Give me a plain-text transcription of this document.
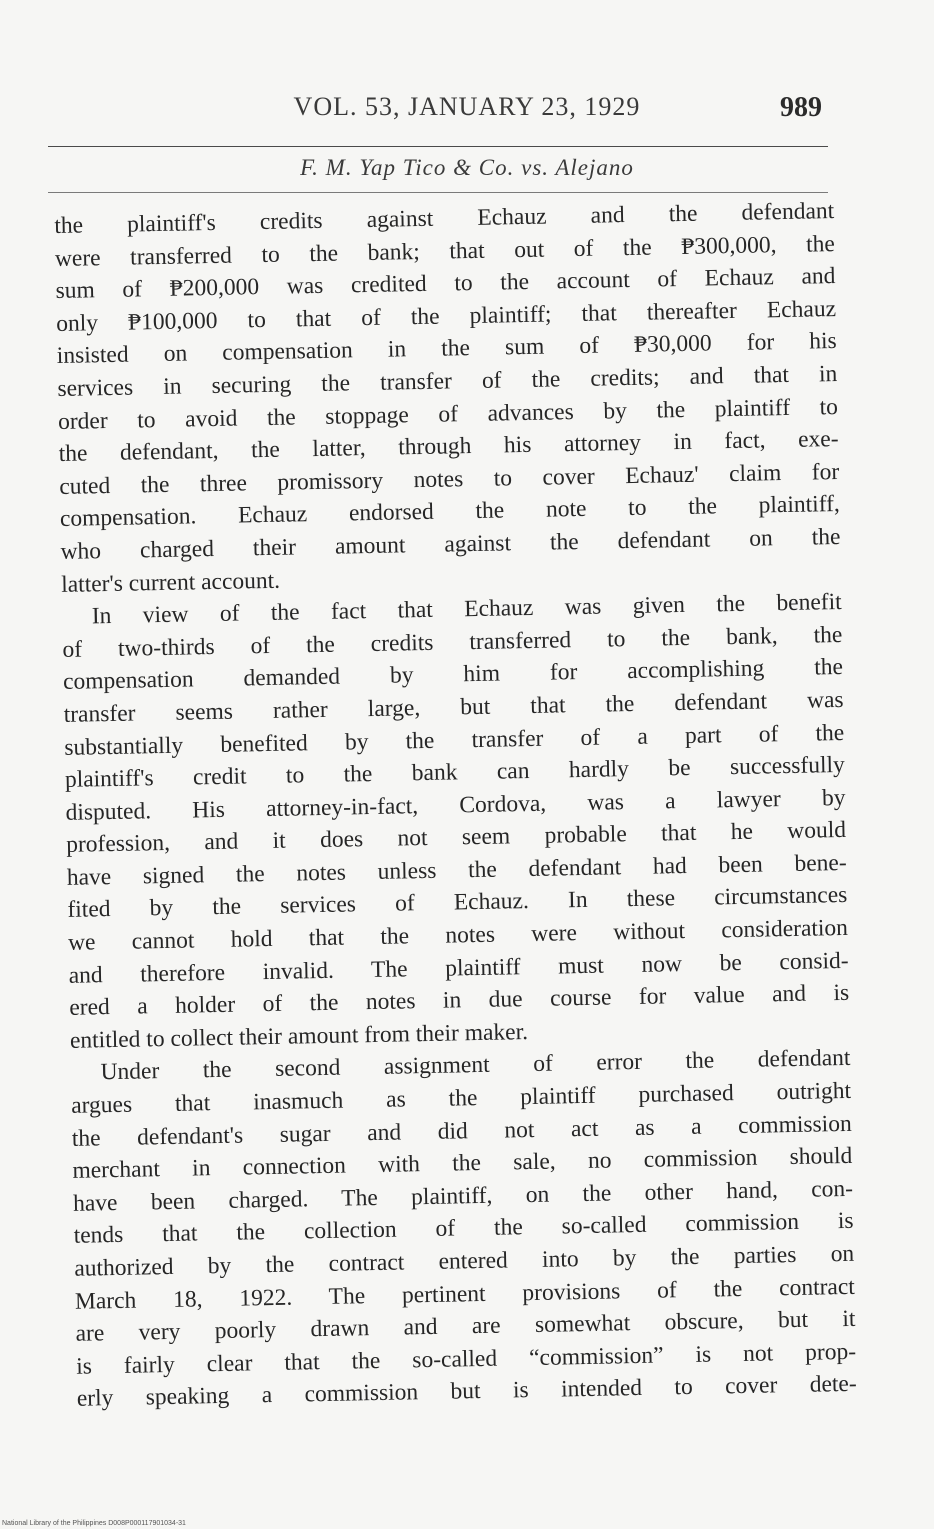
VOL. 53, JANUARY 23, 1929	989
F. M. Yap Tico & Co. vs. Alejano
the plaintiff's credits against Echauz and the defendant
were transferred to the bank; that out of the ₱300,000, the
sum of ₱200,000 was credited to the account of Echauz and
only ₱100,000 to that of the plaintiff; that thereafter Echauz
insisted on compensation in the sum of ₱30,000 for his
services in securing the transfer of the credits; and that in
order to avoid the stoppage of advances by the plaintiff to
the defendant, the latter, through his attorney in fact, exe-
cuted the three promissory notes to cover Echauz' claim for
compensation. Echauz endorsed the note to the plaintiff,
who charged their amount against the defendant on the
latter's current account.
In view of the fact that Echauz was given the benefit
of two-thirds of the credits transferred to the bank, the
compensation demanded by him for accomplishing the
transfer seems rather large, but that the defendant was
substantially benefited by the transfer of a part of the
plaintiff's credit to the bank can hardly be successfully
disputed. His attorney-in-fact, Cordova, was a lawyer by
profession, and it does not seem probable that he would
have signed the notes unless the defendant had been bene-
fited by the services of Echauz. In these circumstances
we cannot hold that the notes were without consideration
and therefore invalid. The plaintiff must now be consid-
ered a holder of the notes in due course for value and is
entitled to collect their amount from their maker.
Under the second assignment of error the defendant
argues that inasmuch as the plaintiff purchased outright
the defendant's sugar and did not act as a commission
merchant in connection with the sale, no commission should
have been charged. The plaintiff, on the other hand, con-
tends that the collection of the so-called commission is
authorized by the contract entered into by the parties on
March 18, 1922. The pertinent provisions of the contract
are very poorly drawn and are somewhat obscure, but it
is fairly clear that the so-called “commission” is not prop-
erly speaking a commission but is intended to cover dete-
National Library of the Philippines D008P000117901034-31
